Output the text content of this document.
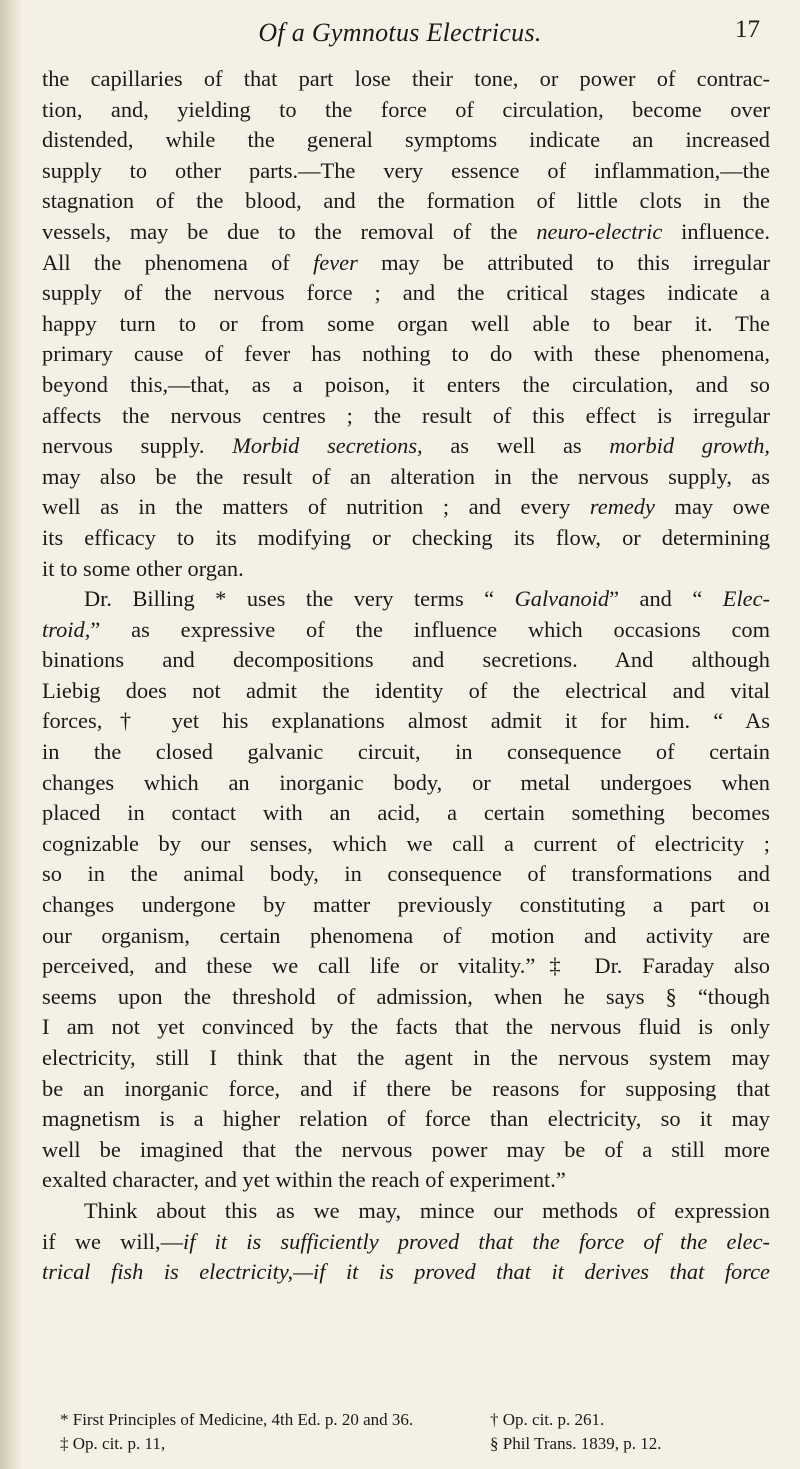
Of a Gymnotus Electricus.	17
the capillaries of that part lose their tone, or power of contrac-
tion, and, yielding to the force of circulation, become over
distended, while the general symptoms indicate an increased
supply to other parts.—The very essence of inflammation,—the
stagnation of the blood, and the formation of little clots in the
vessels, may be due to the removal of the neuro-electric influence.
All the phenomena of fever may be attributed to this irregular
supply of the nervous force ; and the critical stages indicate a
happy turn to or from some organ well able to bear it. The
primary cause of fever has nothing to do with these phenomena,
beyond this,—that, as a poison, it enters the circulation, and so
affects the nervous centres ; the result of this effect is irregular
nervous supply. Morbid secretions, as well as morbid growth,
may also be the result of an alteration in the nervous supply, as
well as in the matters of nutrition ; and every remedy may owe
its efficacy to its modifying or checking its flow, or determining
it to some other organ.
Dr. Billing * uses the very terms “ Galvanoid” and “ Elec-
troid,” as expressive of the influence which occasions com
binations and decompositions and secretions. And although
Liebig does not admit the identity of the electrical and vital
forces,† yet his explanations almost admit it for him. “ As
in the closed galvanic circuit, in consequence of certain
changes which an inorganic body, or metal undergoes when
placed in contact with an acid, a certain something becomes
cognizable by our senses, which we call a current of electricity ;
so in the animal body, in consequence of transformations and
changes undergone by matter previously constituting a part oı
our organism, certain phenomena of motion and activity are
perceived, and these we call life or vitality.”‡ Dr. Faraday also
seems upon the threshold of admission, when he says § “though
I am not yet convinced by the facts that the nervous fluid is only
electricity, still I think that the agent in the nervous system may
be an inorganic force, and if there be reasons for supposing that
magnetism is a higher relation of force than electricity, so it may
well be imagined that the nervous power may be of a still more
exalted character, and yet within the reach of experiment.”
Think about this as we may, mince our methods of expression
if we will,—if it is sufficiently proved that the force of the elec-
trical fish is electricity,—if it is proved that it derives that force
* First Principles of Medicine, 4th Ed. p. 20 and 36.	† Op. cit. p. 261.
‡ Op. cit. p. 11,	§ Phil Trans. 1839, p. 12.
